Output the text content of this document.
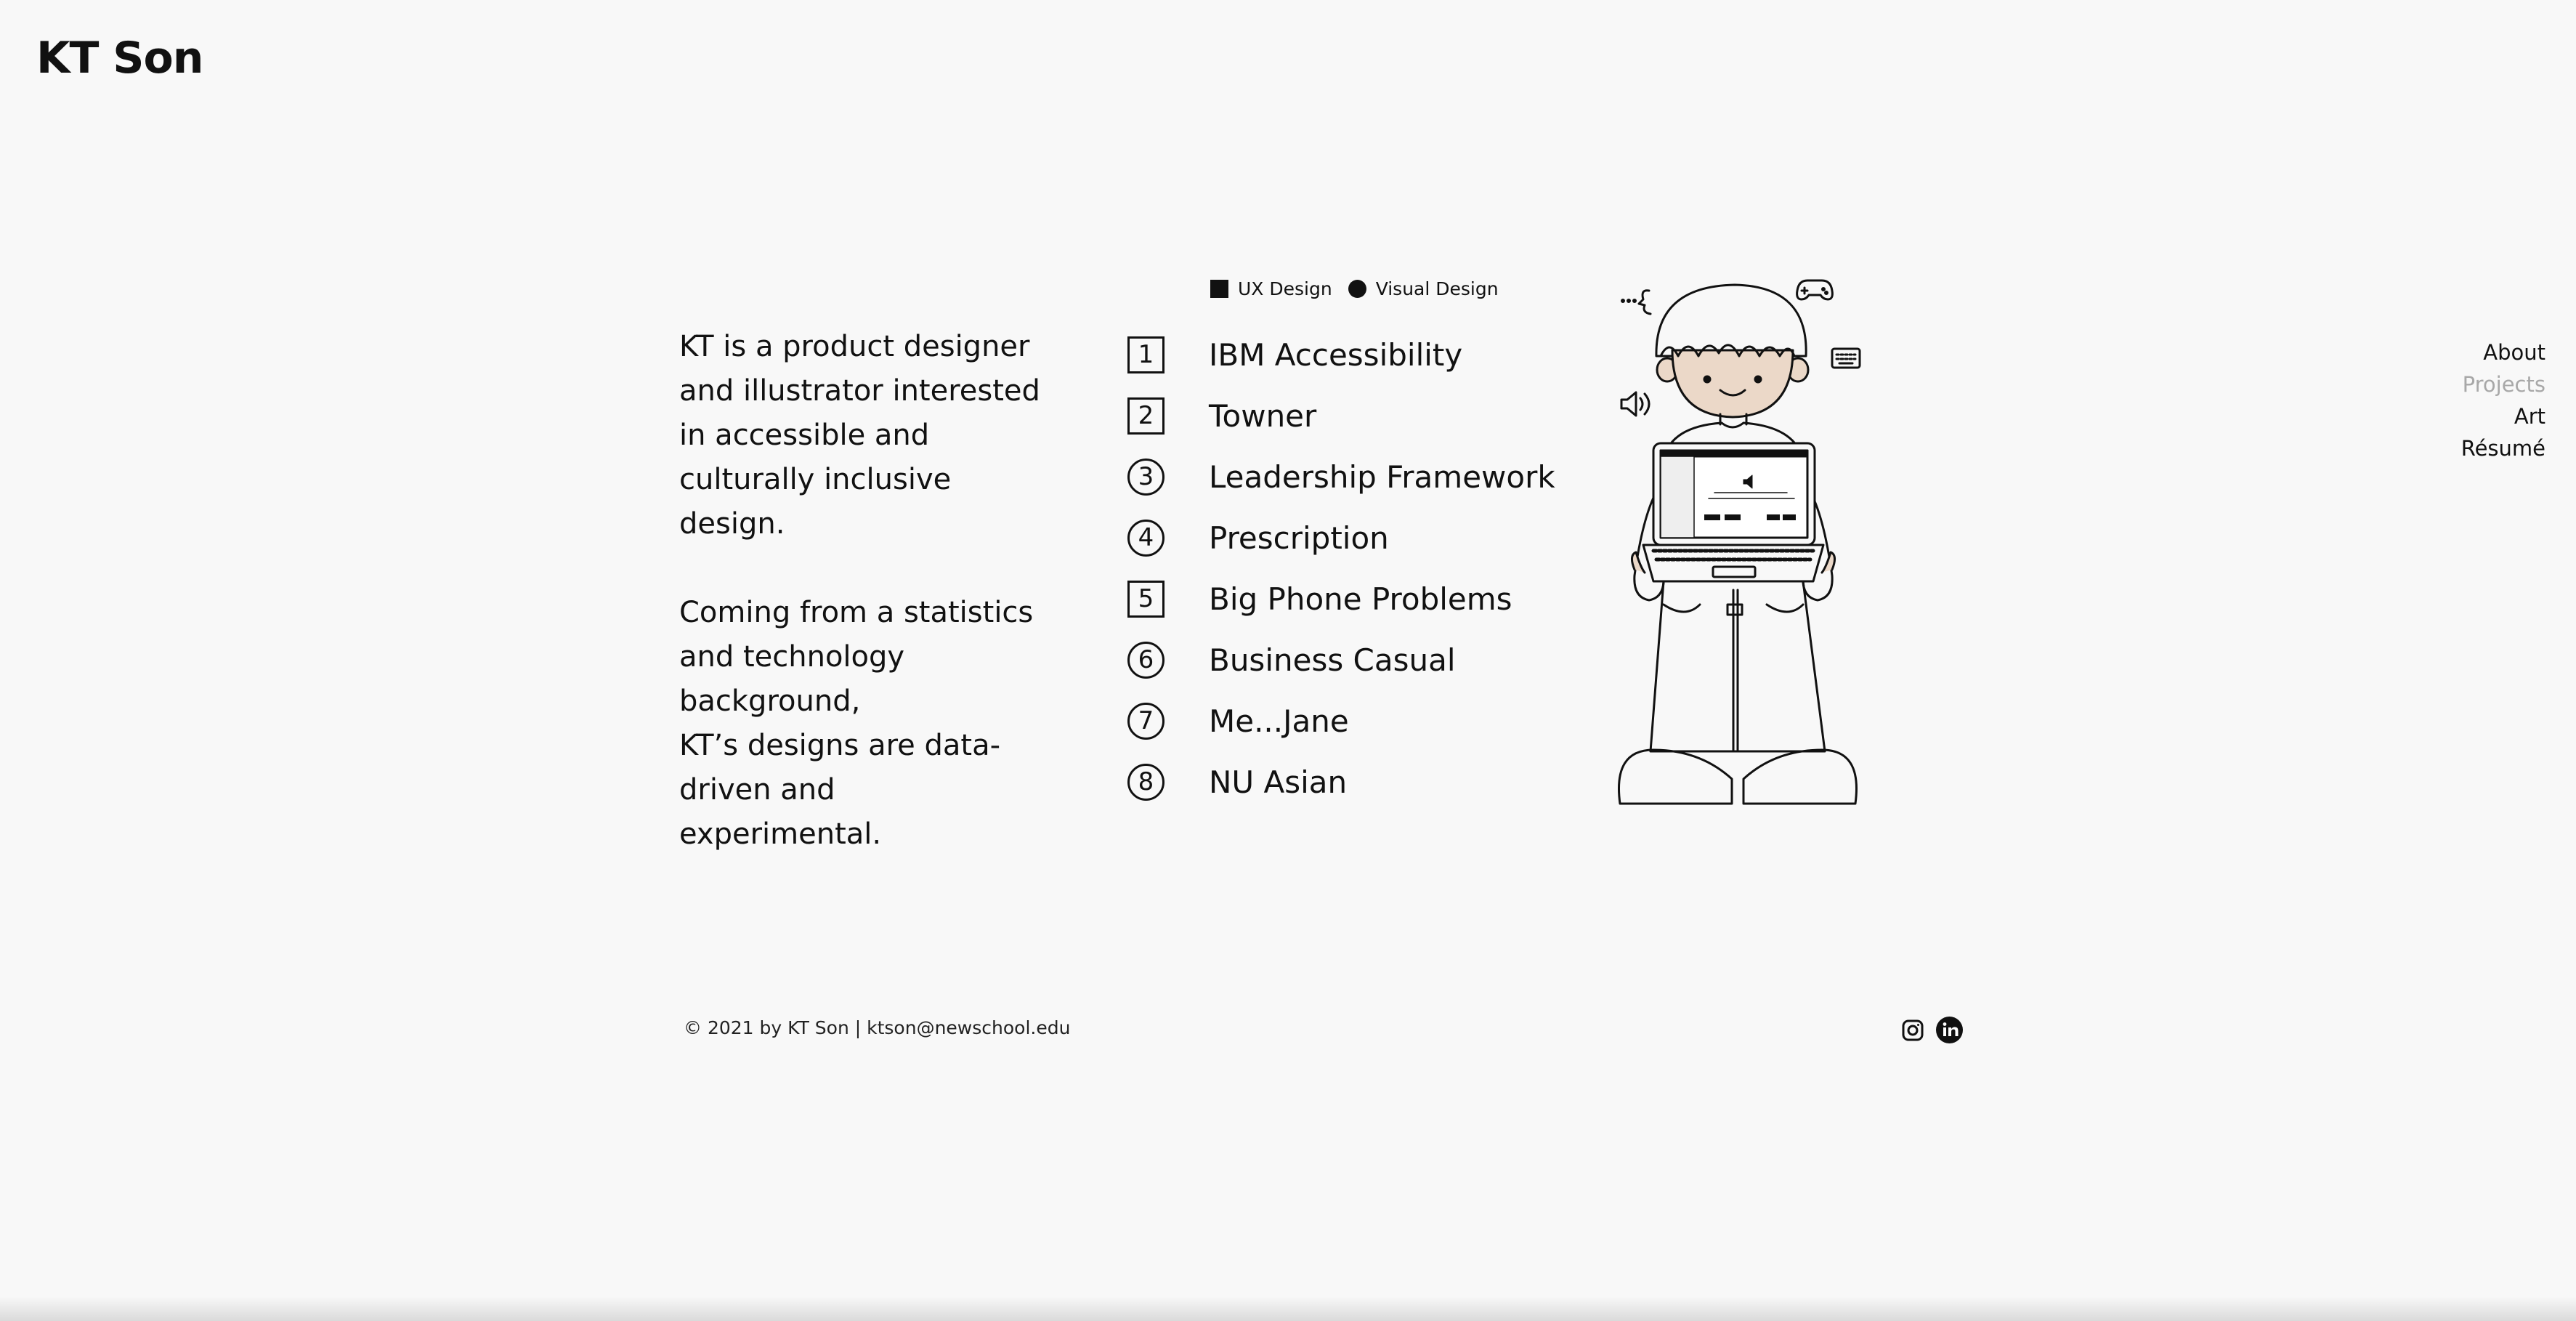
KT Son
About
Projects
Art
Résumé

KT is a product designer and illustrator interested in accessible and culturally inclusive design.

Coming from a statistics and technology background,
KT’s designs are data-driven and experimental.

UX Design Visual Design
1	IBM Accessibility
2	Towner
3	Leadership Framework
4	Prescription
5	Big Phone Problems
6	Business Casual
7	Me...Jane
8	NU Asian
© 2021 by KT Son | ktson@newschool.edu
